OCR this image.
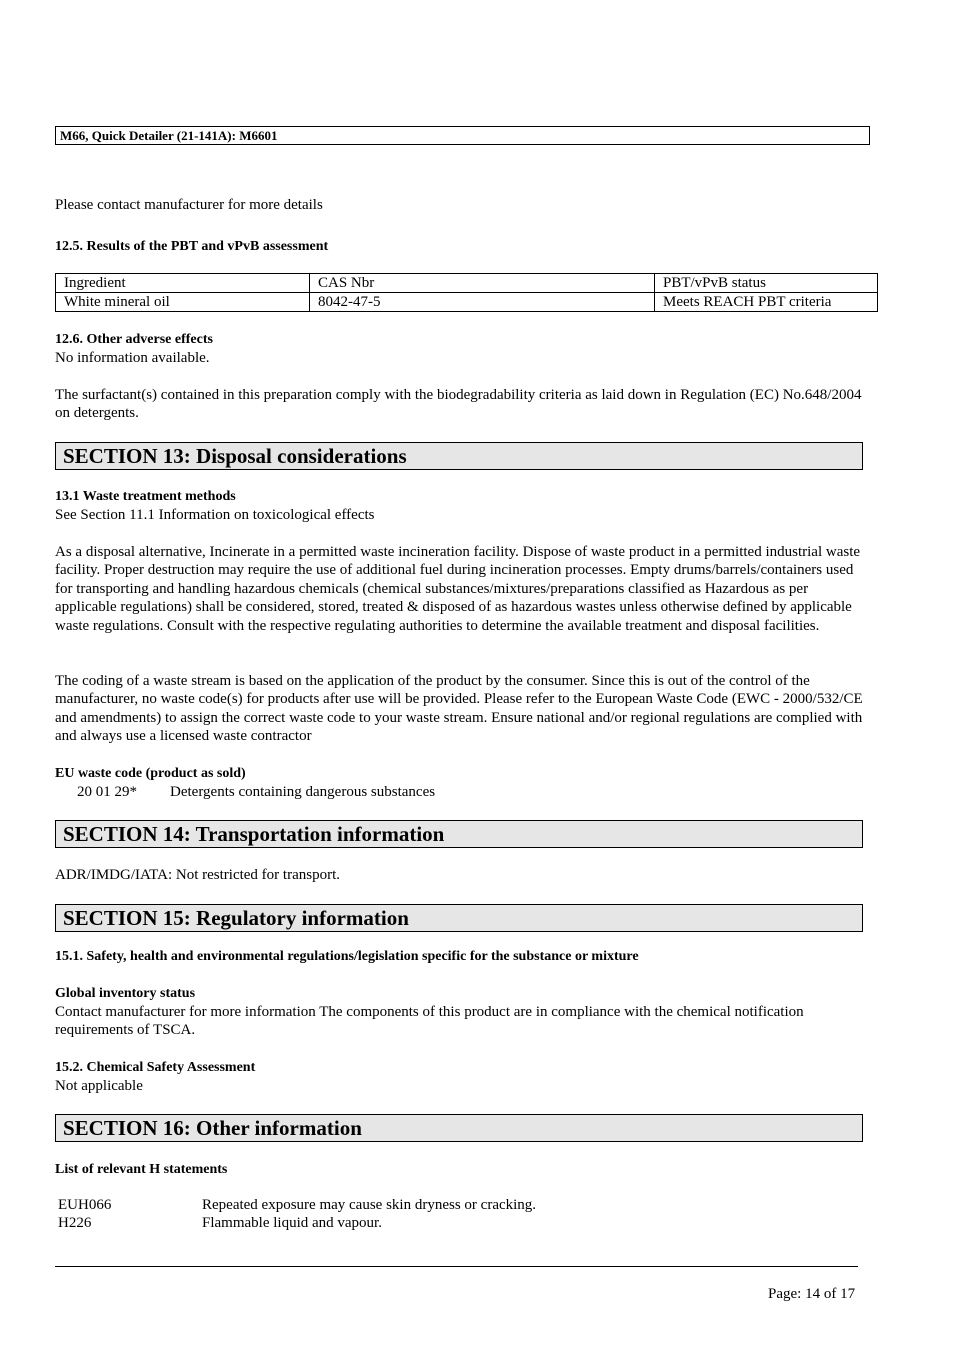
M66, Quick Detailer (21-141A): M6601
Please contact manufacturer for more details
12.5. Results of the PBT and vPvB assessment
Ingredient	CAS Nbr	PBT/vPvB status
White mineral oil	8042-47-5	Meets REACH PBT criteria
12.6. Other adverse effects
No information available.
The surfactant(s) contained in this preparation comply with the biodegradability criteria as laid down in Regulation (EC) No.648/2004 on detergents.
SECTION 13: Disposal considerations
13.1 Waste treatment methods
See Section 11.1 Information on toxicological effects
As a disposal alternative, Incinerate in a permitted waste incineration facility. Dispose of waste product in a permitted industrial waste facility. Proper destruction may require the use of additional fuel during incineration processes. Empty drums/barrels/containers used for transporting and handling hazardous chemicals (chemical substances/mixtures/preparations classified as Hazardous as per applicable regulations) shall be considered, stored, treated & disposed of as hazardous wastes unless otherwise defined by applicable waste regulations. Consult with the respective regulating authorities to determine the available treatment and disposal facilities.
The coding of a waste stream is based on the application of the product by the consumer. Since this is out of the control of the manufacturer, no waste code(s) for products after use will be provided. Please refer to the European Waste Code (EWC - 2000/532/CE and amendments) to assign the correct waste code to your waste stream. Ensure national and/or regional regulations are complied with and always use a licensed waste contractor
EU waste code (product as sold)
20 01 29* Detergents containing dangerous substances
SECTION 14: Transportation information
ADR/IMDG/IATA: Not restricted for transport.
SECTION 15: Regulatory information
15.1. Safety, health and environmental regulations/legislation specific for the substance or mixture
Global inventory status
Contact manufacturer for more information The components of this product are in compliance with the chemical notification requirements of TSCA.
15.2. Chemical Safety Assessment
Not applicable
SECTION 16: Other information
List of relevant H statements
EUH066	Repeated exposure may cause skin dryness or cracking.
H226	Flammable liquid and vapour.
Page: 14 of 17
